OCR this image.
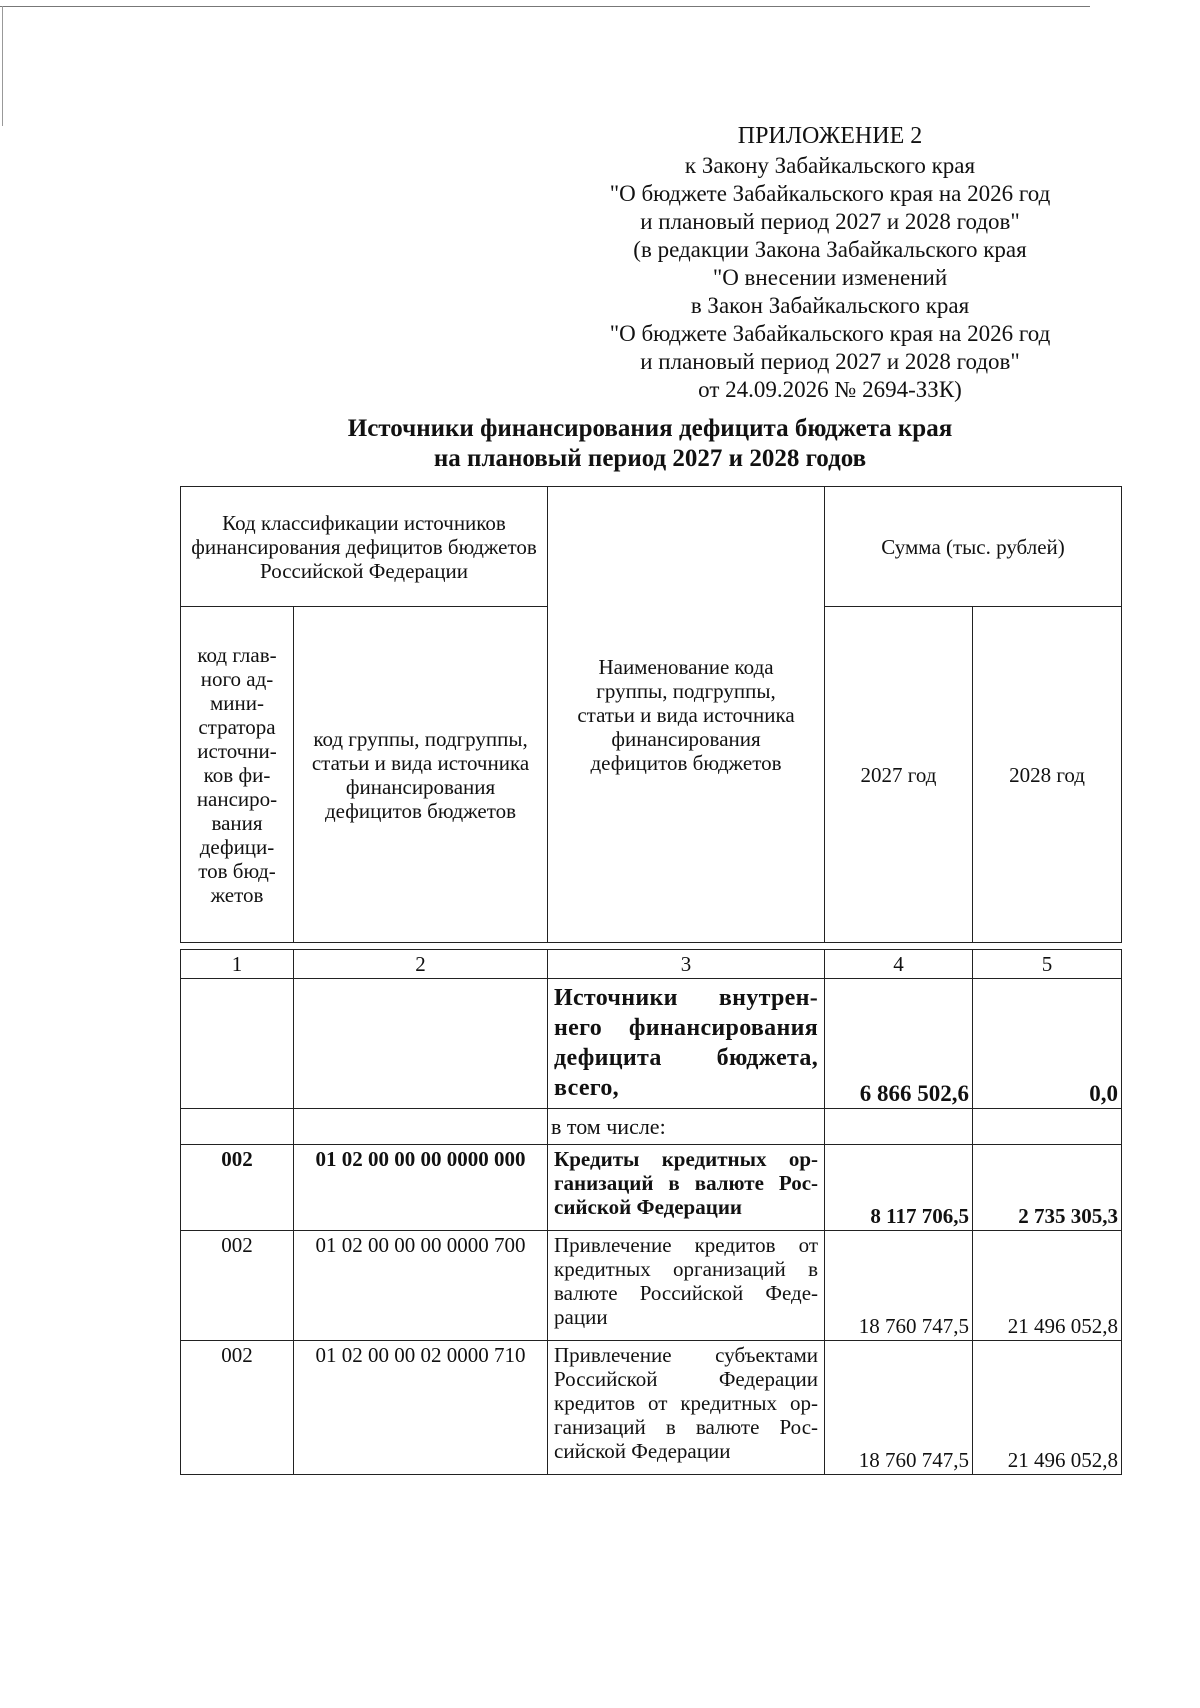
ПРИЛОЖЕНИЕ 2
к Закону Забайкальского края
"О бюджете Забайкальского края на 2026 год
и плановый период 2027 и 2028 годов"
(в редакции Закона Забайкальского края
"О внесении изменений
в Закон Забайкальского края
"О бюджете Забайкальского края на 2026 год
и плановый период 2027 и 2028 годов"
от 24.09.2026 № 2694-ЗЗК)
Источники финансирования дефицита бюджета края
на плановый период 2027 и 2028 годов
Код классификации источников финансирования дефицитов бюджетов Российской Федерации		Наименование кода группы, подгруппы, статьи и вида источника финансирования дефицитов бюджетов	Сумма (тыс. рублей)	
код глав-ного ад-мини-стратора источни-ков фи-нансиро-вания дефици-тов бюд-жетов	код группы, подгруппы, статьи и вида источника финансирования дефицитов бюджетов		2027 год	2028 год

1	2	3	4	5
		Источники внутрен-него финансирования дефицита бюджета, всего,	6 866 502,6	0,0
		в том числе:		
002	01 02 00 00 00 0000 000	Кредиты кредитных ор-ганизаций в валюте Рос-сийской Федерации	8 117 706,5	2 735 305,3
002	01 02 00 00 00 0000 700	Привлечение кредитов от кредитных организаций в валюте Российской Феде-рации	18 760 747,5	21 496 052,8
002	01 02 00 00 02 0000 710	Привлечение субъектами Российской Федерации кредитов от кредитных ор-ганизаций в валюте Рос-сийской Федерации	18 760 747,5	21 496 052,8
